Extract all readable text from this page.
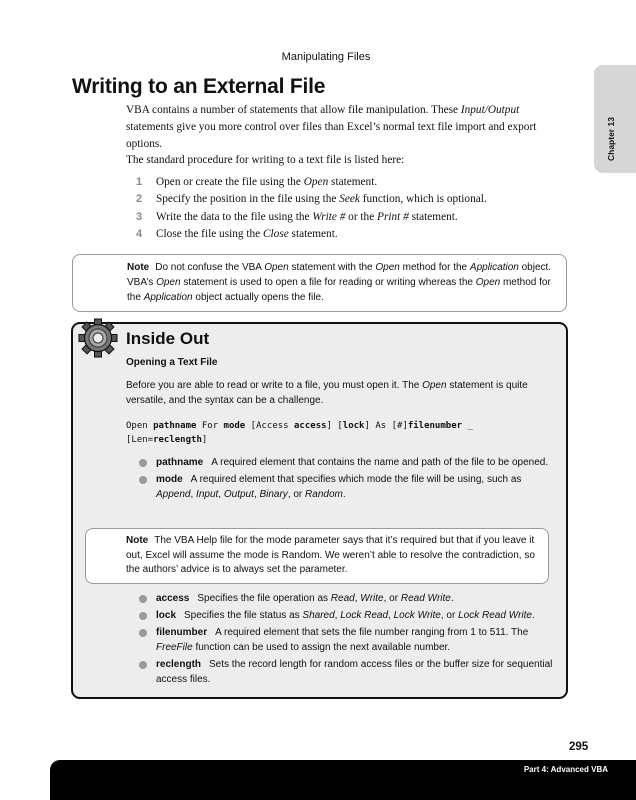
Manipulating Files
Chapter 13
Writing to an External File

VBA contains a number of statements that allow file manipulation. These Input/Output statements give you more control over files than Excel’s normal text file import and export options.

The standard procedure for writing to a text file is listed here:

1 Open or create the file using the Open statement.
2 Specify the position in the file using the Seek function, which is optional.
3 Write the data to the file using the Write # or the Print # statement.
4 Close the file using the Close statement.
Note Do not confuse the VBA Open statement with the Open method for the Application object. VBA’s Open statement is used to open a file for reading or writing whereas the Open method for the Application object actually opens the file.
Inside Out
Opening a Text File

Before you are able to read or write to a file, you must open it. The Open statement is quite versatile, and the syntax can be a challenge.

Open pathname For mode [Access access] [lock] As [#]filenumber _
[Len=reclength]
pathname A required element that contains the name and path of the file to be opened.
mode A required element that specifies which mode the file will be using, such as Append, Input, Output, Binary, or Random.
Note The VBA Help file for the mode parameter says that it’s required but that if you leave it out, Excel will assume the mode is Random. We weren’t able to resolve the contradiction, so the authors’ advice is to always set the parameter.
access Specifies the file operation as Read, Write, or Read Write.
lock Specifies the file status as Shared, Lock Read, Lock Write, or Lock Read Write.
filenumber A required element that sets the file number ranging from 1 to 511. The FreeFile function can be used to assign the next available number.
reclength Sets the record length for random access files or the buffer size for sequential access files.
295
Part 4: Advanced VBA
